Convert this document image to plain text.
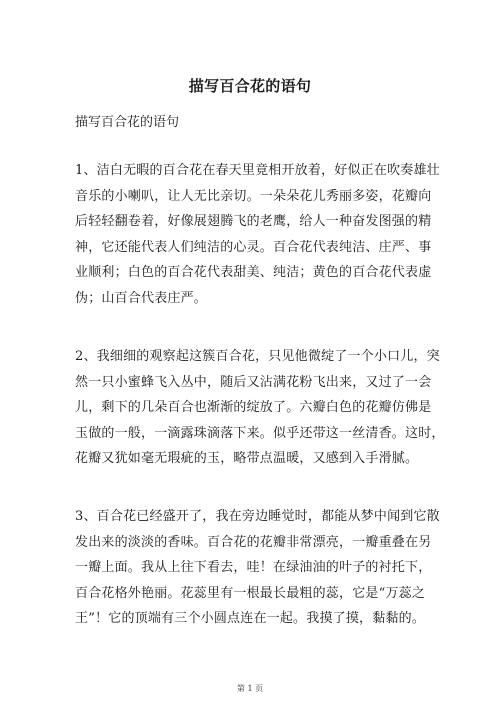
描写百合花的语句
描写百合花的语句

1、洁白无暇的百合花在春天里竟相开放着，好似正在吹奏雄壮
音乐的小喇叭，让人无比亲切。一朵朵花儿秀丽多姿，花瓣向
后轻轻翻卷着，好像展翅腾飞的老鹰，给人一种奋发图强的精
神，它还能代表人们纯洁的心灵。百合花代表纯洁、庄严、事
业顺利；白色的百合花代表甜美、纯洁；黄色的百合花代表虚
伪；山百合代表庄严。

2、我细细的观察起这簇百合花，只见他微绽了一个小口儿，突
然一只小蜜蜂飞入丛中，随后又沾满花粉飞出来，又过了一会
儿，剩下的几朵百合也渐渐的绽放了。六瓣白色的花瓣仿佛是
玉做的一般，一滴露珠滴落下来。似乎还带这一丝清香。这时，
花瓣又犹如毫无瑕疵的玉，略带点温暖，又感到入手滑腻。

3、百合花已经盛开了，我在旁边睡觉时，都能从梦中闻到它散
发出来的淡淡的香味。百合花的花瓣非常漂亮，一瓣重叠在另
一瓣上面。我从上往下看去，哇！在绿油油的叶子的衬托下，
百合花格外艳丽。花蕊里有一根最长最粗的蕊，它是“万蕊之
王”！它的顶端有三个小圆点连在一起。我摸了摸，黏黏的。

第 1 页
